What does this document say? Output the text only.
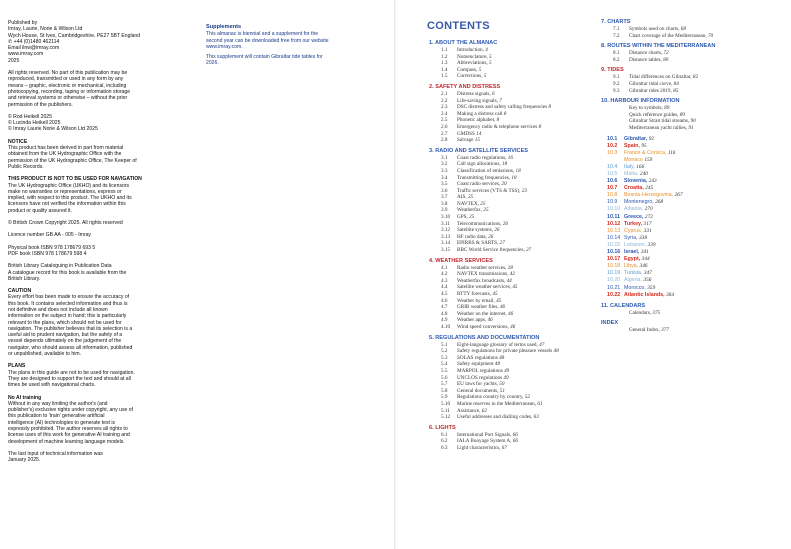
Published by
Imray, Laurie, Norie & Wilson Ltd
Wych House, St Ives, Cambridgeshire, PE27 5BT England
✆ +44 (0)1480 462114
Email ilnw@imray.com
www.imray.com
2025
All rights reserved. No part of this publication may be
reproduced, transmitted or used in any form by any
means – graphic, electronic or mechanical, including
photocopying, recording, taping or information storage
and retrieval systems or otherwise – without the prior
permission of the publishers.
© Rod Heikell 2025
© Lucinda Heikell 2025
© Imray Laurie Norie & Wilson Ltd 2025
NOTICE
This product has been derived in part from material
obtained from the UK Hydrographic Office with the
permission of the UK Hydrographic Office, The Keeper of
Public Records.
THIS PRODUCT IS NOT TO BE USED FOR NAVIGATION
The UK Hydrographic Office (UKHO) and its licensors
make no warranties or representations, express or
implied, with respect to this product. The UKHO and its
licensors have not verified the information within this
product or quality assured it.
© British Crown Copyright 2025. All rights reserved
Licence number GB AA - 005 - Imray
Physical book ISBN 978 178679 693 5
PDF book ISBN 978 178679 598 4
British Library Cataloguing in Publication Data
A catalogue record for this book is available from the
British Library.
CAUTION
Every effort has been made to ensure the accuracy of
this book. It contains selected information and thus is
not definitive and does not include all known
information on the subject in hand; this is particularly
relevant to the plans, which should not be used for
navigation. The publisher believes that its selection is a
useful aid to prudent navigation, but the safety of a
vessel depends ultimately on the judgement of the
navigator, who should assess all information, published
or unpublished, available to him.
PLANS
The plans in this guide are not to be used for navigation.
They are designed to support the text and should at all
times be used with navigational charts.
No AI training
Without in any way limiting the author's (and
publisher's) exclusive rights under copyright, any use of
this publication to 'train' generative artificial
intelligence (AI) technologies to generate text is
expressly prohibited. The author reserves all rights to
license uses of this work for generative AI training and
development of machine learning language models.
The last input of technical information was
January 2025.
Supplements
This almanac is biennial and a supplement for the
second year can be downloaded free from our website
www.imray.com.
This supplement will contain Gibraltar tide tables for
2026.
CONTENTS
1. ABOUT THE ALMANAC
1.1 Introduction, 4
1.2 Nomenclature, 5
1.3 Abbreviations, 5
1.4 Compass, 5
1.5 Corrections, 5
2. SAFETY AND DISTRESS
2.1 Distress signals, 6
2.2 Life-saving signals, 7
2.3 DSC distress and safety calling frequencies 8
2.4 Making a distress call 8
2.5 Phonetic alphabet, 8
2.6 Emergency radio & telephone services 8
2.7 GMDSS 14
2.8 Salvage 15
3. RADIO AND SATELLITE SERVICES
3.1 Coast radio regulations, 16
3.2 Call sign allocations, 18
3.3 Classification of emissions, 18
3.4 Transmitting frequencies, 18
3.5 Coast radio services, 20
3.6 Traffic services (VTS & TSS), 23
3.7 AIS, 25
3.8 NAVTEX, 25
3.9 Weatherfax, 25
3.10 GPS, 25
3.11 Telecommunications, 26
3.12 Satellite systems, 26
3.13 HF radio data, 26
3.14 EPIRBS & SARTS, 27
3.15 BBC World Service frequencies, 27
4. WEATHER SERVICES
4.1 Radio weather services, 28
4.2 NAVTEX transmissions, 42
4.3 Weatherfax broadcasts, 44
4.4 Satellite weather services, 45
4.5 RTTY forecasts, 45
4.6 Weather by email, 45
4.7 GRIB weather files, 46
4.8 Weather on the internet, 46
4.9 Weather apps, 46
4.10 Wind speed conversions, 46
5. REGULATIONS AND DOCUMENTATION
5.1 Eight-language glossary of terms used, 47
5.2 Safety regulations for private pleasure vessels 48
5.3 SOLAS regulations 48
5.4 Safety equipment 48
5.5 MARPOL regulations 49
5.6 UNCLOS regulations 49
5.7 EU laws for yachts, 50
5.8 General documents, 51
5.9 Regulations country by country, 52
5.10 Marine reserves in the Mediterranean, 61
5.11 Assistance, 62
5.12 Useful addresses and dialling codes, 63
6. LIGHTS
6.1 International Port Signals, 66
6.2 IALA Buoyage System A, 66
6.3 Light characteristics, 67
7. CHARTS
7.1 Symbols used on charts, 68
7.2 Chart coverage of the Mediterranean, 70
8. ROUTES WITHIN THE MEDITERRANEAN
8.1 Distance charts, 72
8.2 Distance tables, 80
9. TIDES
9.1 Tidal differences on Gibraltar, 82
9.2 Gibraltar tidal curve, 84
9.3 Gibraltar tides 2019, 85
10. HARBOUR INFORMATION
Key to symbols, 89
Quick reference guides, 89
Gibraltar Strait tidal streams, 90
Mediterranean yacht rallies, 91
10.1 Gibraltar, 92
10.2 Spain, 95
10.3 France & Corsica, 116
Monaco 159
10.4 Italy, 166
10.5 Malta, 240
10.6 Slovenia, 243
10.7 Croatia, 245
10.8 Bosnia-Herzegovina, 267
10.9 Montenegro, 268
10.10 Albania, 270
10.11 Greece, 272
10.12 Turkey, 317
10.13 Cyprus, 331
10.14 Syria, 338
10.15 Lebanon, 339
10.16 Israel, 341
10.17 Egypt, 344
10.18 Libya, 346
10.19 Tunisia, 347
10.20 Algeria, 356
10.21 Morocco, 359
10.22 Atlantic Islands, 364
11. CALENDARS
Calendars, 375
INDEX
General Index, 377
